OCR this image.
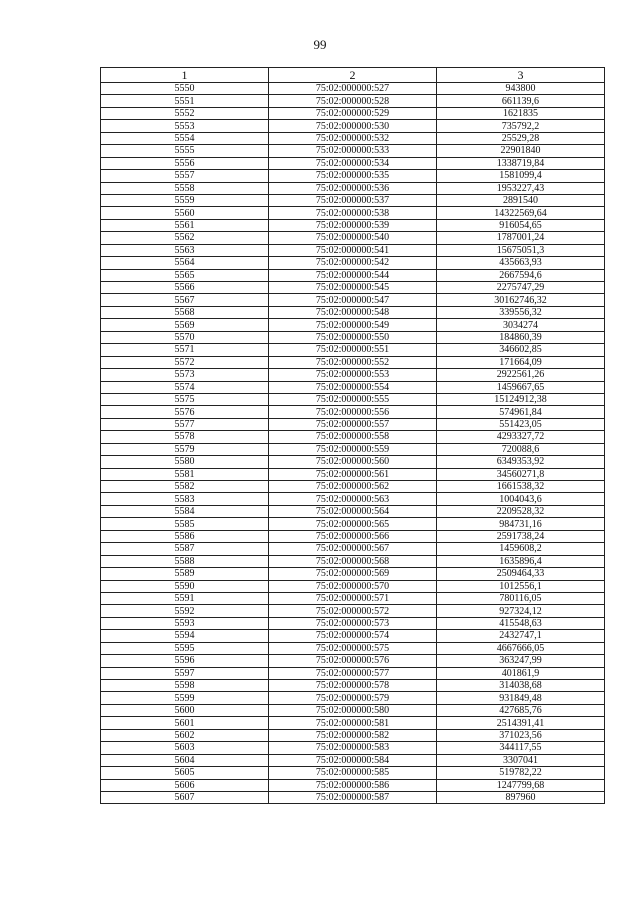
99
1	2	3
5550	75:02:000000:527	943800
5551	75:02:000000:528	661139,6
5552	75:02:000000:529	1621835
5553	75:02:000000:530	735792,2
5554	75:02:000000:532	25529,28
5555	75:02:000000:533	22901840
5556	75:02:000000:534	1338719,84
5557	75:02:000000:535	1581099,4
5558	75:02:000000:536	1953227,43
5559	75:02:000000:537	2891540
5560	75:02:000000:538	14322569,64
5561	75:02:000000:539	916054,65
5562	75:02:000000:540	1787001,24
5563	75:02:000000:541	15675051,3
5564	75:02:000000:542	435663,93
5565	75:02:000000:544	2667594,6
5566	75:02:000000:545	2275747,29
5567	75:02:000000:547	30162746,32
5568	75:02:000000:548	339556,32
5569	75:02:000000:549	3034274
5570	75:02:000000:550	184860,39
5571	75:02:000000:551	346602,85
5572	75:02:000000:552	171664,09
5573	75:02:000000:553	2922561,26
5574	75:02:000000:554	1459667,65
5575	75:02:000000:555	15124912,38
5576	75:02:000000:556	574961,84
5577	75:02:000000:557	551423,05
5578	75:02:000000:558	4293327,72
5579	75:02:000000:559	720088,6
5580	75:02:000000:560	6349353,92
5581	75:02:000000:561	34560271,8
5582	75:02:000000:562	1661538,32
5583	75:02:000000:563	1004043,6
5584	75:02:000000:564	2209528,32
5585	75:02:000000:565	984731,16
5586	75:02:000000:566	2591738,24
5587	75:02:000000:567	1459608,2
5588	75:02:000000:568	1635896,4
5589	75:02:000000:569	2509464,33
5590	75:02:000000:570	1012556,1
5591	75:02:000000:571	780116,05
5592	75:02:000000:572	927324,12
5593	75:02:000000:573	415548,63
5594	75:02:000000:574	2432747,1
5595	75:02:000000:575	4667666,05
5596	75:02:000000:576	363247,99
5597	75:02:000000:577	401861,9
5598	75:02:000000:578	314038,68
5599	75:02:000000:579	931849,48
5600	75:02:000000:580	427685,76
5601	75:02:000000:581	2514391,41
5602	75:02:000000:582	371023,56
5603	75:02:000000:583	344117,55
5604	75:02:000000:584	3307041
5605	75:02:000000:585	519782,22
5606	75:02:000000:586	1247799,68
5607	75:02:000000:587	897960
